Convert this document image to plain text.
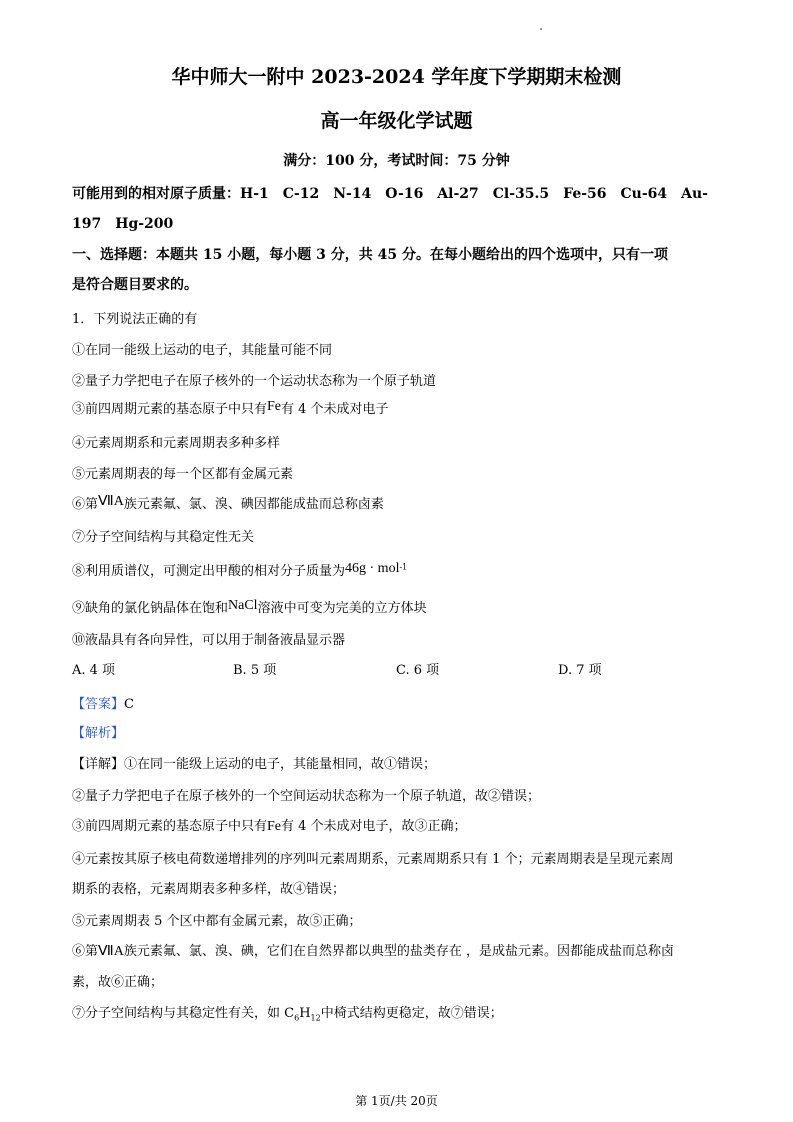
华中师大一附中 2023-2024 学年度下学期期末检测
高一年级化学试题
满分：100 分，考试时间：75 分钟
可能用到的相对原子质量：H-1　C-12　N-14　O-16　Al-27　Cl-35.5　Fe-56　Cu-64　Au-
197　Hg-200
一、选择题：本题共 15 小题，每小题 3 分，共 45 分。在每小题给出的四个选项中，只有一项
是符合题目要求的。
1．下列说法正确的有
①在同一能级上运动的电子，其能量可能不同
②量子力学把电子在原子核外的一个运动状态称为一个原子轨道
③前四周期元素的基态原子中只有Fe有 4 个未成对电子
④元素周期系和元素周期表多种多样
⑤元素周期表的每一个区都有金属元素
⑥第ⅦA族元素氟、氯、溴、碘因都能成盐而总称卤素
⑦分子空间结构与其稳定性无关
⑧利用质谱仪，可测定出甲酸的相对分子质量为46g · mol$^{-1}$
⑨缺角的氯化钠晶体在饱和NaCl溶液中可变为完美的立方体块
⑩液晶具有各向异性，可以用于制备液晶显示器
A. 4 项	B. 5 项	C. 6 项	D. 7 项
【答案】C
【解析】
【详解】①在同一能级上运动的电子，其能量相同，故①错误；
②量子力学把电子在原子核外的一个空间运动状态称为一个原子轨道，故②错误；
③前四周期元素的基态原子中只有Fe有 4 个未成对电子，故③正确；
④元素按其原子核电荷数递增排列的序列叫元素周期系，元素周期系只有 1 个；元素周期表是呈现元素周
期系的表格，元素周期表多种多样，故④错误；
⑤元素周期表 5 个区中都有金属元素，故⑤正确；
⑥第ⅦA族元素氟、氯、溴、碘，它们在自然界都以典型的盐类存在 ，是成盐元素。因都能成盐而总称卤
素，故⑥正确；
⑦分子空间结构与其稳定性有关，如 $C_6H_{12}$中椅式结构更稳定，故⑦错误；
第 1页/共 20页
